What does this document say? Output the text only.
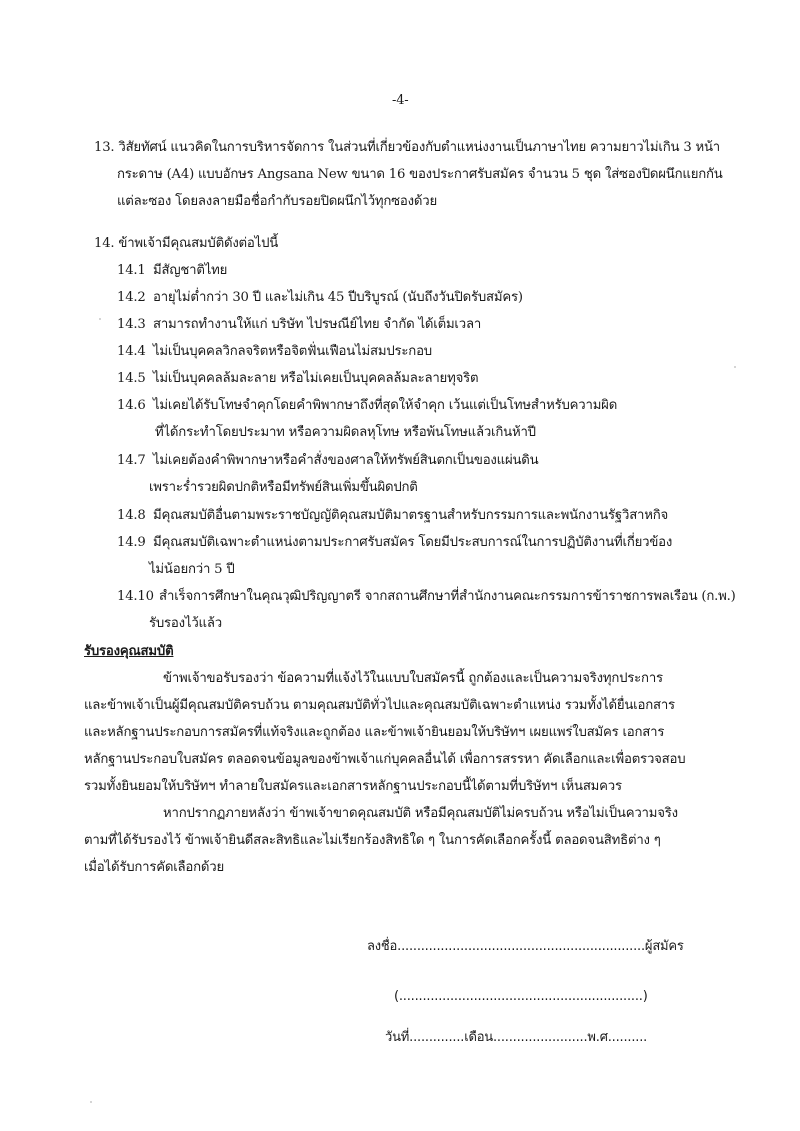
-4-
13. วิสัยทัศน์ แนวคิดในการบริหารจัดการ ในส่วนที่เกี่ยวข้องกับตำแหน่งงานเป็นภาษาไทย ความยาวไม่เกิน 3 หน้า
กระดาษ (A4) แบบอักษร Angsana New ขนาด 16 ของประกาศรับสมัคร จำนวน 5 ชุด ใส่ซองปิดผนึกแยกกัน
แต่ละซอง โดยลงลายมือชื่อกำกับรอยปิดผนึกไว้ทุกซองด้วย
14. ข้าพเจ้ามีคุณสมบัติดังต่อไปนี้
14.1 มีสัญชาติไทย
14.2 อายุไม่ต่ำกว่า 30 ปี และไม่เกิน 45 ปีบริบูรณ์ (นับถึงวันปิดรับสมัคร)
14.3 สามารถทำงานให้แก่ บริษัท ไปรษณีย์ไทย จำกัด ได้เต็มเวลา
14.4 ไม่เป็นบุคคลวิกลจริตหรือจิตฟั่นเฟือนไม่สมประกอบ
14.5 ไม่เป็นบุคคลล้มละลาย หรือไม่เคยเป็นบุคคลล้มละลายทุจริต
14.6 ไม่เคยได้รับโทษจำคุกโดยคำพิพากษาถึงที่สุดให้จำคุก เว้นแต่เป็นโทษสำหรับความผิด
ที่ได้กระทำโดยประมาท หรือความผิดลหุโทษ หรือพ้นโทษแล้วเกินห้าปี
14.7 ไม่เคยต้องคำพิพากษาหรือคำสั่งของศาลให้ทรัพย์สินตกเป็นของแผ่นดิน
เพราะร่ำรวยผิดปกติหรือมีทรัพย์สินเพิ่มขึ้นผิดปกติ
14.8 มีคุณสมบัติอื่นตามพระราชบัญญัติคุณสมบัติมาตรฐานสำหรับกรรมการและพนักงานรัฐวิสาหกิจ
14.9 มีคุณสมบัติเฉพาะตำแหน่งตามประกาศรับสมัคร โดยมีประสบการณ์ในการปฏิบัติงานที่เกี่ยวข้อง
ไม่น้อยกว่า 5 ปี
14.10 สำเร็จการศึกษาในคุณวุฒิปริญญาตรี จากสถานศึกษาที่สำนักงานคณะกรรมการข้าราชการพลเรือน (ก.พ.)
รับรองไว้แล้ว
รับรองคุณสมบัติ
ข้าพเจ้าขอรับรองว่า ข้อความที่แจ้งไว้ในแบบใบสมัครนี้ ถูกต้องและเป็นความจริงทุกประการ
และข้าพเจ้าเป็นผู้มีคุณสมบัติครบถ้วน ตามคุณสมบัติทั่วไปและคุณสมบัติเฉพาะตำแหน่ง รวมทั้งได้ยื่นเอกสาร
และหลักฐานประกอบการสมัครที่แท้จริงและถูกต้อง และข้าพเจ้ายินยอมให้บริษัทฯ เผยแพร่ใบสมัคร เอกสาร
หลักฐานประกอบใบสมัคร ตลอดจนข้อมูลของข้าพเจ้าแก่บุคคลอื่นได้ เพื่อการสรรหา คัดเลือกและเพื่อตรวจสอบ
รวมทั้งยินยอมให้บริษัทฯ ทำลายใบสมัครและเอกสารหลักฐานประกอบนี้ได้ตามที่บริษัทฯ เห็นสมควร
หากปรากฏภายหลังว่า ข้าพเจ้าขาดคุณสมบัติ หรือมีคุณสมบัติไม่ครบถ้วน หรือไม่เป็นความจริง
ตามที่ได้รับรองไว้ ข้าพเจ้ายินดีสละสิทธิและไม่เรียกร้องสิทธิใด ๆ ในการคัดเลือกครั้งนี้ ตลอดจนสิทธิต่าง ๆ
เมื่อได้รับการคัดเลือกด้วย
ลงชื่อ...............................................................ผู้สมัคร
(..............................................................)
วันที่..............เดือน........................พ.ศ..........
